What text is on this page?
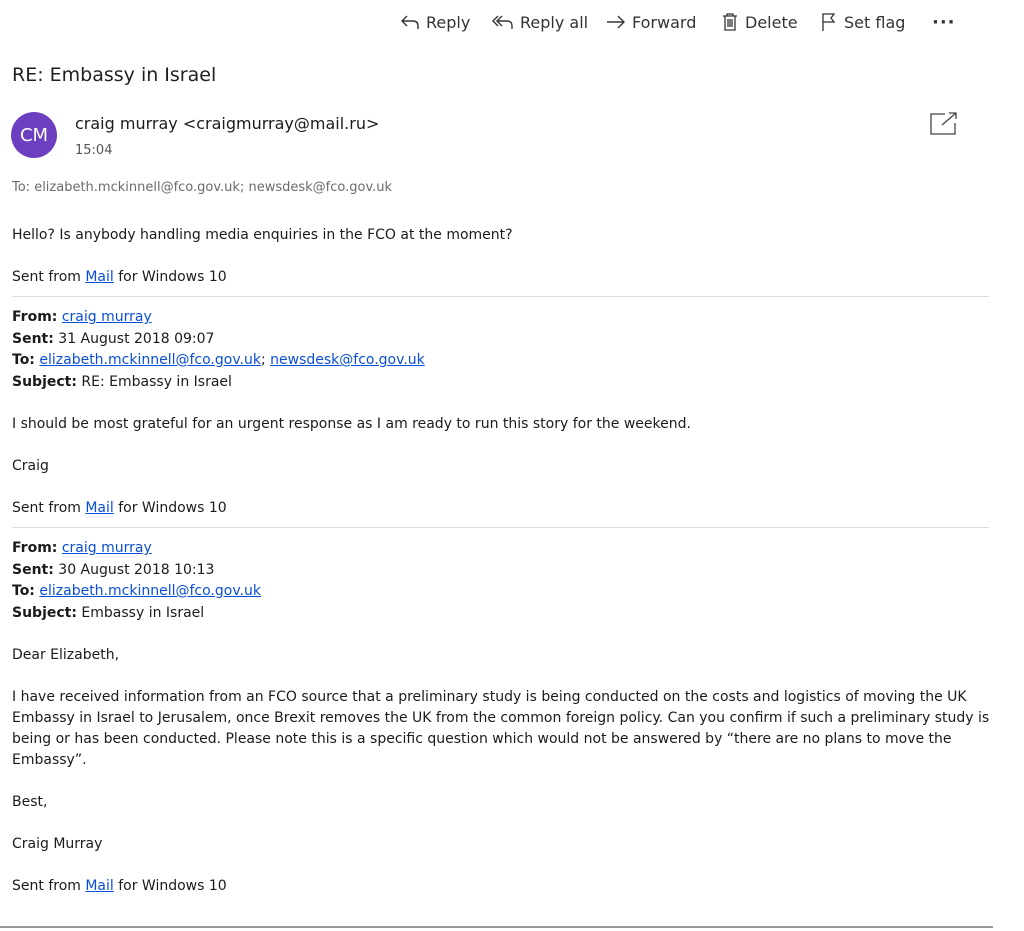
Reply	Reply all	Forward	Delete	Set flag ···
RE: Embassy in Israel
CM
craig murray <craigmurray@mail.ru>
15:04
To: elizabeth.mckinnell@fco.gov.uk; newsdesk@fco.gov.uk

Hello? Is anybody handling media enquiries in the FCO at the moment?

Sent from Mail for Windows 10

From: craig murray
Sent: 31 August 2018 09:07
To: elizabeth.mckinnell@fco.gov.uk; newsdesk@fco.gov.uk
Subject: RE: Embassy in Israel

I should be most grateful for an urgent response as I am ready to run this story for the weekend.

Craig

Sent from Mail for Windows 10

From: craig murray
Sent: 30 August 2018 10:13
To: elizabeth.mckinnell@fco.gov.uk
Subject: Embassy in Israel

Dear Elizabeth,

I have received information from an FCO source that a preliminary study is being conducted on the costs and logistics of moving the UK Embassy in Israel to Jerusalem, once Brexit removes the UK from the common foreign policy. Can you confirm if such a preliminary study is being or has been conducted. Please note this is a specific question which would not be answered by “there are no plans to move the Embassy”.

Best,

Craig Murray

Sent from Mail for Windows 10
